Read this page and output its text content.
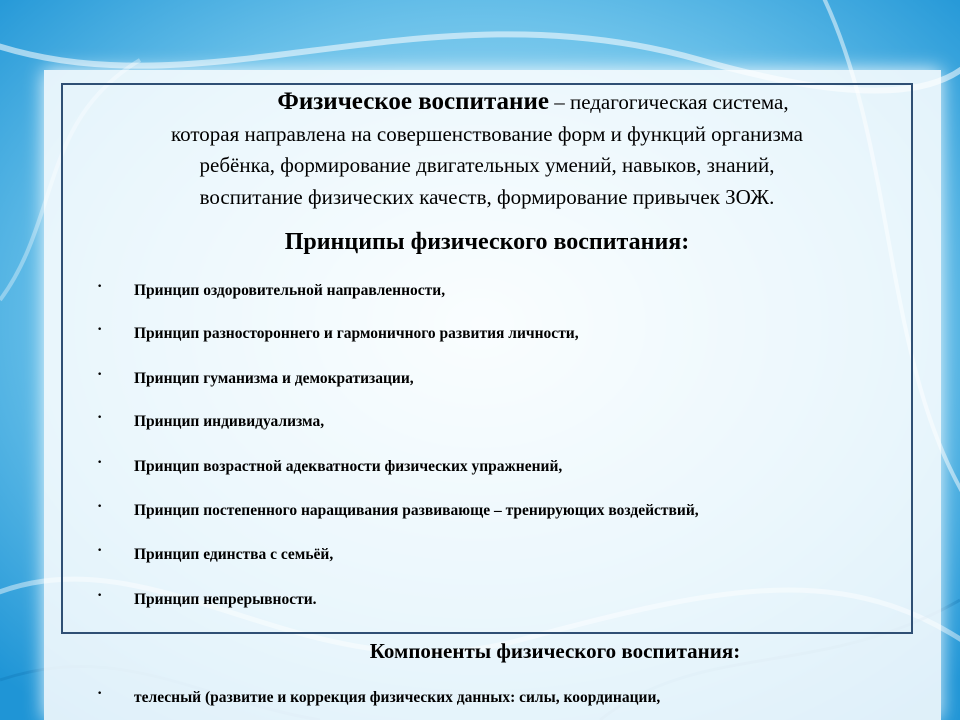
Физическое воспитание – педагогическая система,
которая направлена на совершенствование форм и функций организма
ребёнка, формирование двигательных умений, навыков, знаний,
воспитание физических качеств, формирование привычек ЗОЖ.
Принципы физического воспитания:
· Принцип оздоровительной направленности,
· Принцип разностороннего и гармоничного развития личности,
· Принцип гуманизма и демократизации,
· Принцип индивидуализма,
· Принцип возрастной адекватности физических упражнений,
· Принцип постепенного наращивания развивающе – тренирующих воздействий,
· Принцип единства с семьёй,
· Принцип непрерывности.
Компоненты физического воспитания:
· телесный (развитие и коррекция физических данных: силы, координации,
